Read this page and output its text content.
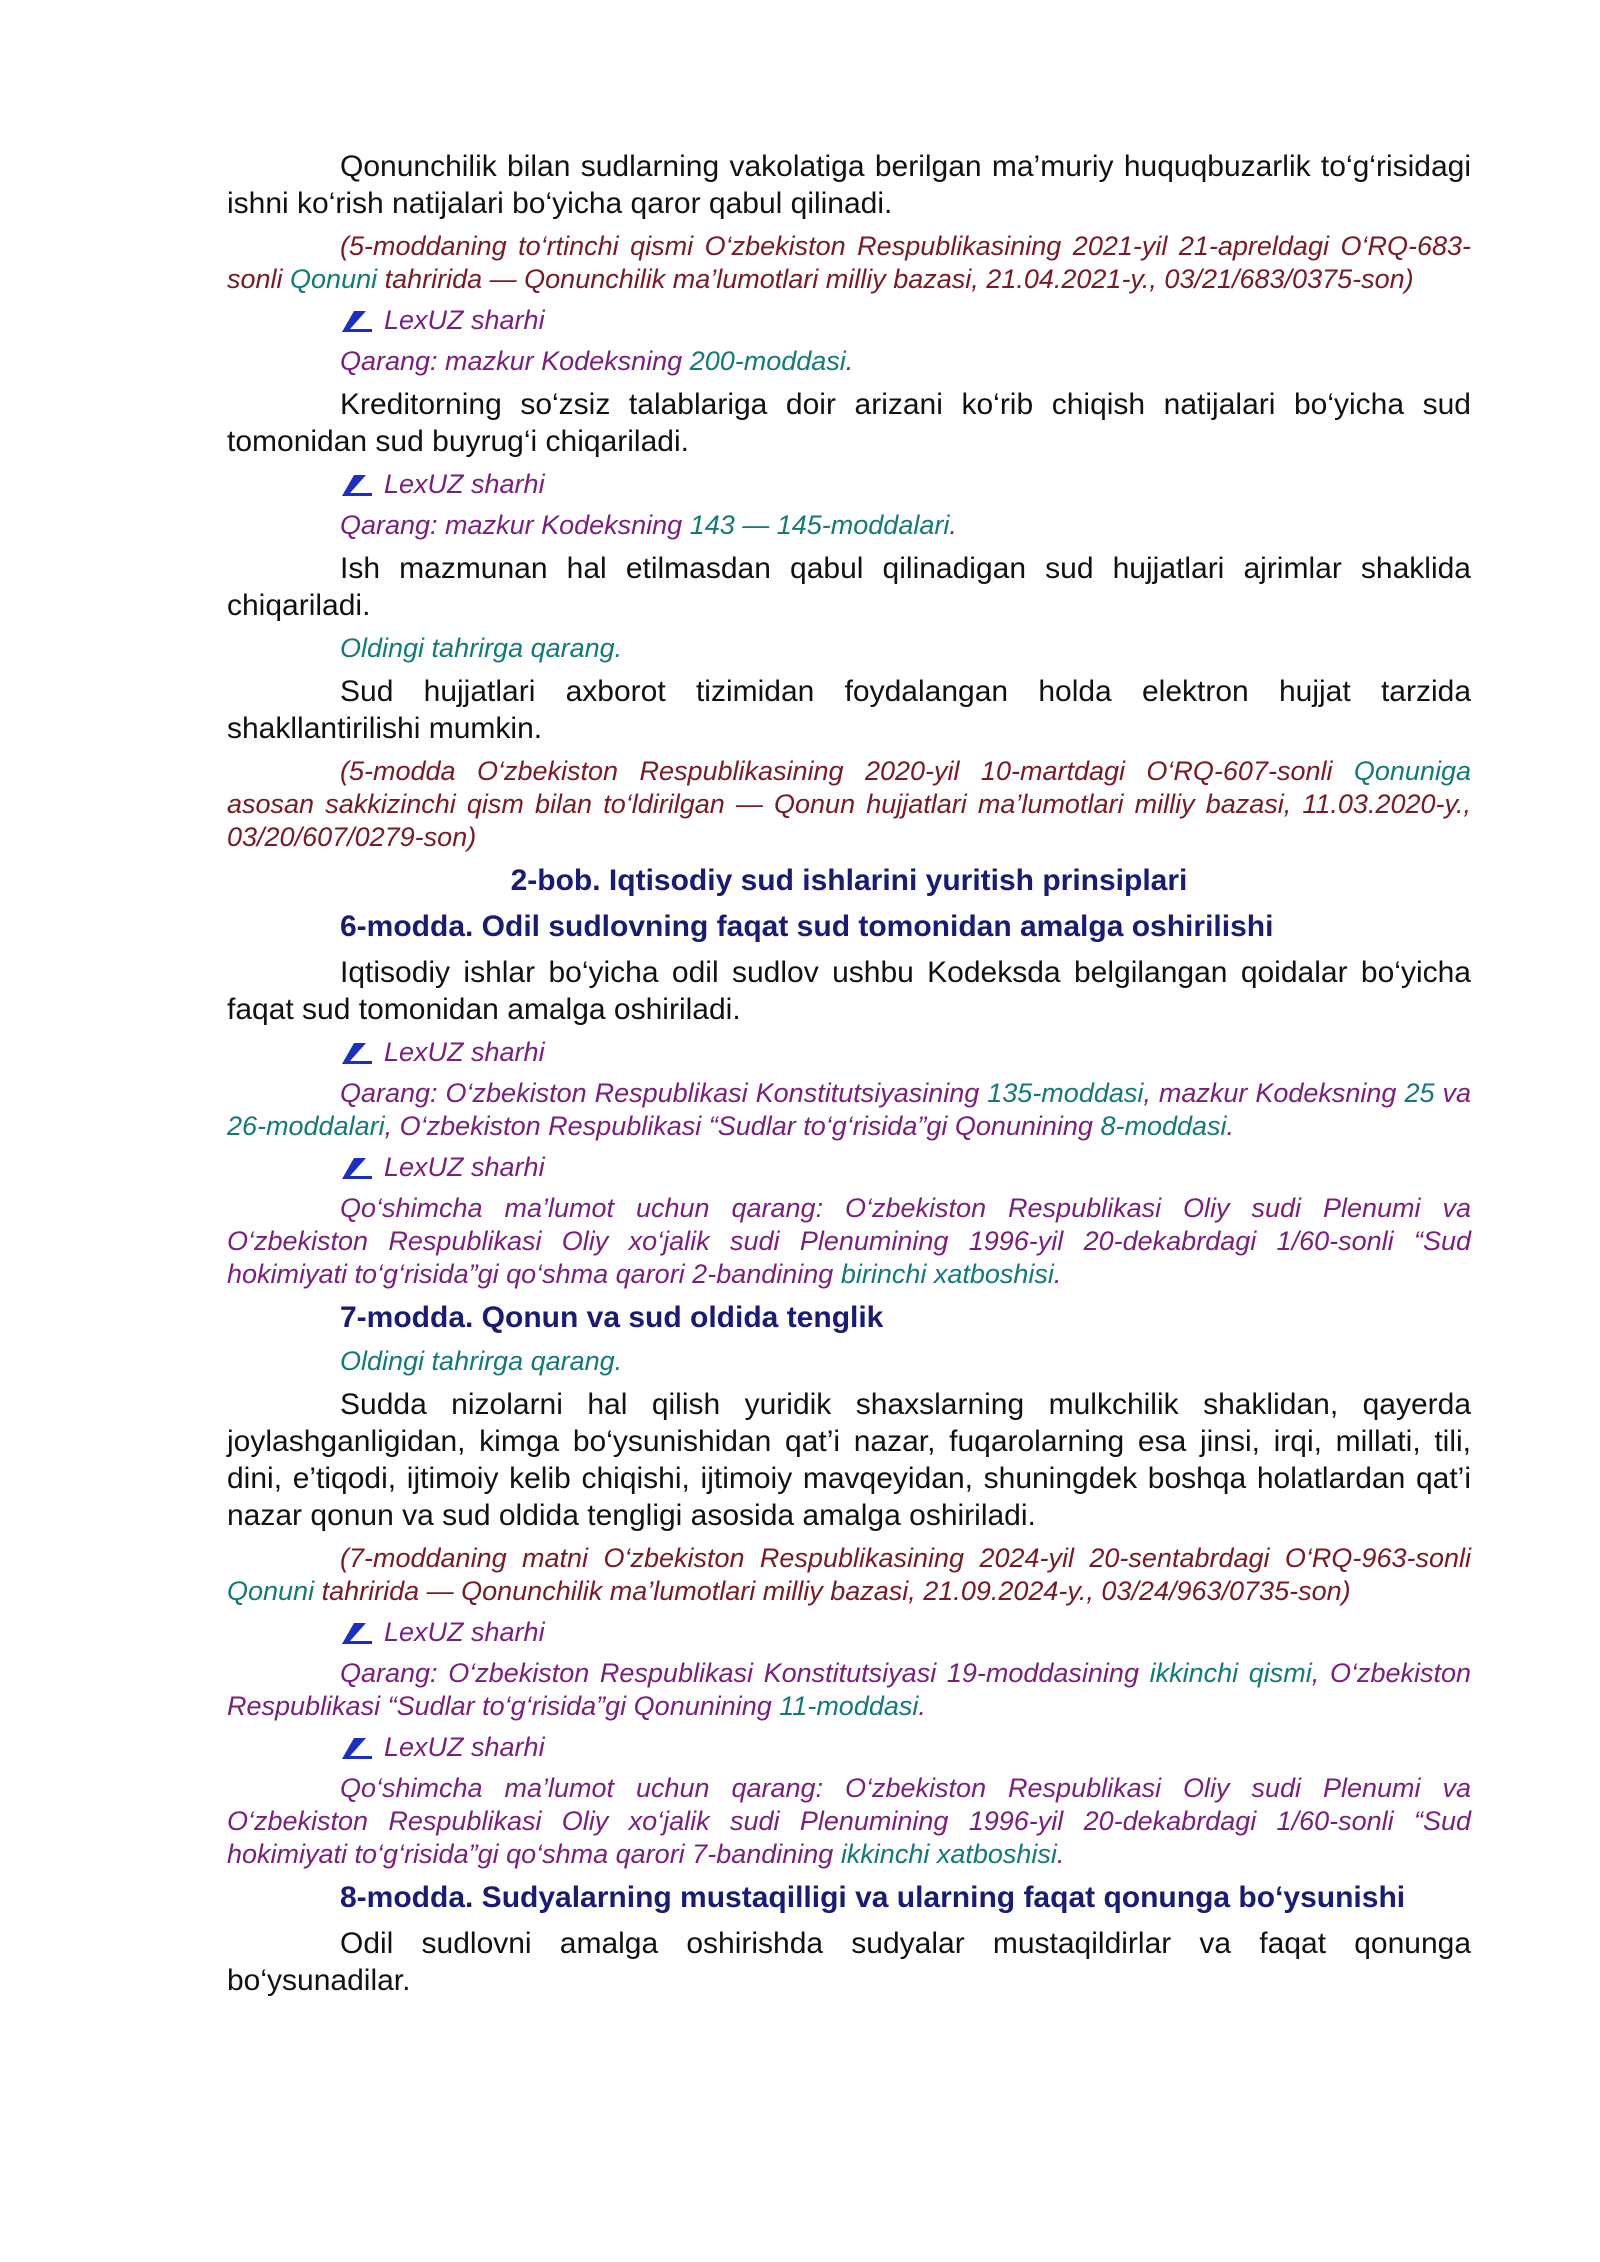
Qonunchilik bilan sudlarning vakolatiga berilgan ma’muriy huquqbuzarlik to‘g‘risidagi ishni ko‘rish natijalari bo‘yicha qaror qabul qilinadi.

(5-moddaning to‘rtinchi qismi O‘zbekiston Respublikasining 2021-yil 21-apreldagi O‘RQ-683-sonli Qonuni tahririda — Qonunchilik ma’lumotlari milliy bazasi, 21.04.2021-y., 03/21/683/0375-son)

LexUZ sharhi

Qarang: mazkur Kodeksning 200-moddasi.

Kreditorning so‘zsiz talablariga doir arizani ko‘rib chiqish natijalari bo‘yicha sud tomonidan sud buyrug‘i chiqariladi.

LexUZ sharhi

Qarang: mazkur Kodeksning 143 — 145-moddalari.

Ish mazmunan hal etilmasdan qabul qilinadigan sud hujjatlari ajrimlar shaklida chiqariladi.

Oldingi tahrirga qarang.

Sud hujjatlari axborot tizimidan foydalangan holda elektron hujjat tarzida shakllantirilishi mumkin.

(5-modda O‘zbekiston Respublikasining 2020-yil 10-martdagi O‘RQ-607-sonli Qonuniga asosan sakkizinchi qism bilan to‘ldirilgan — Qonun hujjatlari ma’lumotlari milliy bazasi, 11.03.2020-y., 03/20/607/0279-son)

2-bob. Iqtisodiy sud ishlarini yuritish prinsiplari
6-modda. Odil sudlovning faqat sud tomonidan amalga oshirilishi

Iqtisodiy ishlar bo‘yicha odil sudlov ushbu Kodeksda belgilangan qoidalar bo‘yicha faqat sud tomonidan amalga oshiriladi.

LexUZ sharhi

Qarang: O‘zbekiston Respublikasi Konstitutsiyasining 135-moddasi, mazkur Kodeksning 25 va 26-moddalari, O‘zbekiston Respublikasi “Sudlar to‘g‘risida”gi Qonunining 8-moddasi.

LexUZ sharhi

Qo‘shimcha ma’lumot uchun qarang: O‘zbekiston Respublikasi Oliy sudi Plenumi va O‘zbekiston Respublikasi Oliy xo‘jalik sudi Plenumining 1996-yil 20-dekabrdagi 1/60-sonli “Sud hokimiyati to‘g‘risida”gi qo‘shma qarori 2-bandining birinchi xatboshisi.

7-modda. Qonun va sud oldida tenglik

Oldingi tahrirga qarang.

Sudda nizolarni hal qilish yuridik shaxslarning mulkchilik shaklidan, qayerda joylashganligidan, kimga bo‘ysunishidan qat’i nazar, fuqarolarning esa jinsi, irqi, millati, tili, dini, e’tiqodi, ijtimoiy kelib chiqishi, ijtimoiy mavqeyidan, shuningdek boshqa holatlardan qat’i nazar qonun va sud oldida tengligi asosida amalga oshiriladi.

(7-moddaning matni O‘zbekiston Respublikasining 2024-yil 20-sentabrdagi O‘RQ-963-sonli Qonuni tahririda — Qonunchilik ma’lumotlari milliy bazasi, 21.09.2024-y., 03/24/963/0735-son)

LexUZ sharhi

Qarang: O‘zbekiston Respublikasi Konstitutsiyasi 19-moddasining ikkinchi qismi, O‘zbekiston Respublikasi “Sudlar to‘g‘risida”gi Qonunining 11-moddasi.

LexUZ sharhi

Qo‘shimcha ma’lumot uchun qarang: O‘zbekiston Respublikasi Oliy sudi Plenumi va O‘zbekiston Respublikasi Oliy xo‘jalik sudi Plenumining 1996-yil 20-dekabrdagi 1/60-sonli “Sud hokimiyati to‘g‘risida”gi qo‘shma qarori 7-bandining ikkinchi xatboshisi.

8-modda. Sudyalarning mustaqilligi va ularning faqat qonunga bo‘ysunishi

Odil sudlovni amalga oshirishda sudyalar mustaqildirlar va faqat qonunga bo‘ysunadilar.
